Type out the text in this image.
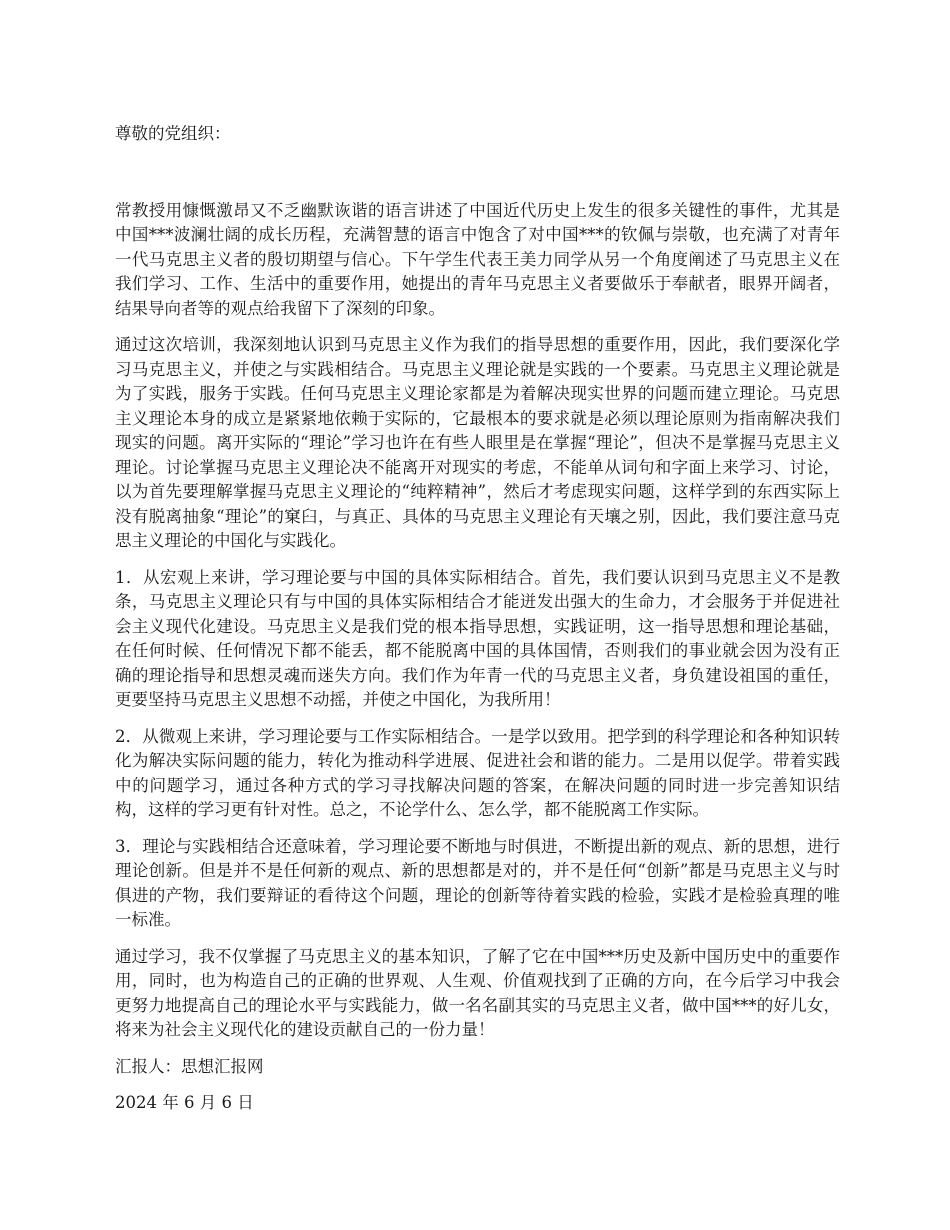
尊敬的党组织：

常教授用慷慨激昂又不乏幽默诙谐的语言讲述了中国近代历史上发生的很多关键性的事件，尤其是中国***波澜壮阔的成长历程，充满智慧的语言中饱含了对中国***的钦佩与崇敬，也充满了对青年一代马克思主义者的殷切期望与信心。下午学生代表王美力同学从另一个角度阐述了马克思主义在我们学习、工作、生活中的重要作用，她提出的青年马克思主义者要做乐于奉献者，眼界开阔者，结果导向者等的观点给我留下了深刻的印象。

通过这次培训，我深刻地认识到马克思主义作为我们的指导思想的重要作用，因此，我们要深化学习马克思主义，并使之与实践相结合。马克思主义理论就是实践的一个要素。马克思主义理论就是为了实践，服务于实践。任何马克思主义理论家都是为着解决现实世界的问题而建立理论。马克思主义理论本身的成立是紧紧地依赖于实际的，它最根本的要求就是必须以理论原则为指南解决我们现实的问题。离开实际的“理论”学习也许在有些人眼里是在掌握“理论”，但决不是掌握马克思主义理论。讨论掌握马克思主义理论决不能离开对现实的考虑，不能单从词句和字面上来学习、讨论，以为首先要理解掌握马克思主义理论的“纯粹精神”，然后才考虑现实问题，这样学到的东西实际上没有脱离抽象“理论”的窠臼，与真正、具体的马克思主义理论有天壤之别，因此，我们要注意马克思主义理论的中国化与实践化。

1．从宏观上来讲，学习理论要与中国的具体实际相结合。首先，我们要认识到马克思主义不是教条，马克思主义理论只有与中国的具体实际相结合才能迸发出强大的生命力，才会服务于并促进社会主义现代化建设。马克思主义是我们党的根本指导思想，实践证明，这一指导思想和理论基础，在任何时候、任何情况下都不能丢，都不能脱离中国的具体国情，否则我们的事业就会因为没有正确的理论指导和思想灵魂而迷失方向。我们作为年青一代的马克思主义者，身负建设祖国的重任，更要坚持马克思主义思想不动摇，并使之中国化，为我所用！

2．从微观上来讲，学习理论要与工作实际相结合。一是学以致用。把学到的科学理论和各种知识转化为解决实际问题的能力，转化为推动科学进展、促进社会和谐的能力。二是用以促学。带着实践中的问题学习，通过各种方式的学习寻找解决问题的答案，在解决问题的同时进一步完善知识结构，这样的学习更有针对性。总之，不论学什么、怎么学，都不能脱离工作实际。

3．理论与实践相结合还意味着，学习理论要不断地与时俱进，不断提出新的观点、新的思想，进行理论创新。但是并不是任何新的观点、新的思想都是对的，并不是任何“创新”都是马克思主义与时俱进的产物，我们要辩证的看待这个问题，理论的创新等待着实践的检验，实践才是检验真理的唯一标准。

通过学习，我不仅掌握了马克思主义的基本知识，了解了它在中国***历史及新中国历史中的重要作用，同时，也为构造自己的正确的世界观、人生观、价值观找到了正确的方向，在今后学习中我会更努力地提高自己的理论水平与实践能力，做一名名副其实的马克思主义者，做中国***的好儿女，将来为社会主义现代化的建设贡献自己的一份力量！

汇报人：思想汇报网

2024 年 6 月 6 日
